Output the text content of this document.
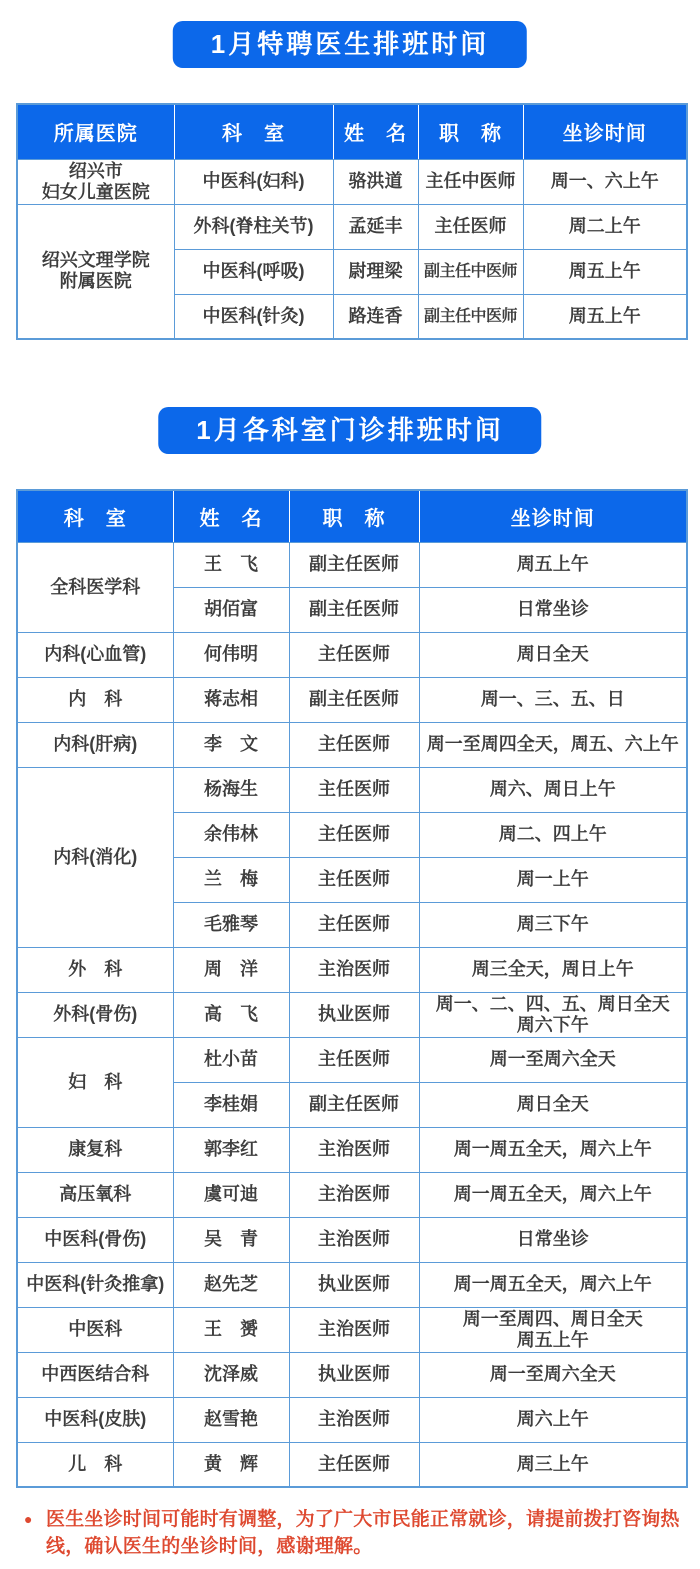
1月特聘医生排班时间
所属医院	科　室	姓　名	职　称	坐诊时间
绍兴市
妇女儿童医院	中医科(妇科)	骆洪道	主任中医师	周一、六上午
绍兴文理学院
附属医院	外科(脊柱关节)	孟延丰	主任医师	周二上午
	中医科(呼吸)	尉理梁	副主任中医师	周五上午
	中医科(针灸)	路连香	副主任中医师	周五上午
1月各科室门诊排班时间
科　室	姓　名	职　称	坐诊时间
全科医学科	王　飞	副主任医师	周五上午
	胡佰富	副主任医师	日常坐诊
内科(心血管)	何伟明	主任医师	周日全天
内　科	蒋志相	副主任医师	周一、三、五、日
内科(肝病)	李　文	主任医师	周一至周四全天，周五、六上午
内科(消化)	杨海生	主任医师	周六、周日上午
	余伟林	主任医师	周二、四上午
	兰　梅	主任医师	周一上午
	毛雅琴	主任医师	周三下午
外　科	周　洋	主治医师	周三全天，周日上午
外科(骨伤)	高　飞	执业医师	周一、二、四、五、周日全天
周六下午
妇　科	杜小苗	主任医师	周一至周六全天
	李桂娟	副主任医师	周日全天
康复科	郭李红	主治医师	周一周五全天，周六上午
高压氧科	虞可迪	主治医师	周一周五全天，周六上午
中医科(骨伤)	吴　青	主治医师	日常坐诊
中医科(针灸推拿)	赵先芝	执业医师	周一周五全天，周六上午
中医科	王　赟	主治医师	周一至周四、周日全天
周五上午
中西医结合科	沈泽威	执业医师	周一至周六全天
中医科(皮肤)	赵雪艳	主治医师	周六上午
儿　科	黄　辉	主任医师	周三上午
● 医生坐诊时间可能时有调整，为了广大市民能正常就诊，请提前拨打咨询热线，确认医生的坐诊时间，感谢理解。
